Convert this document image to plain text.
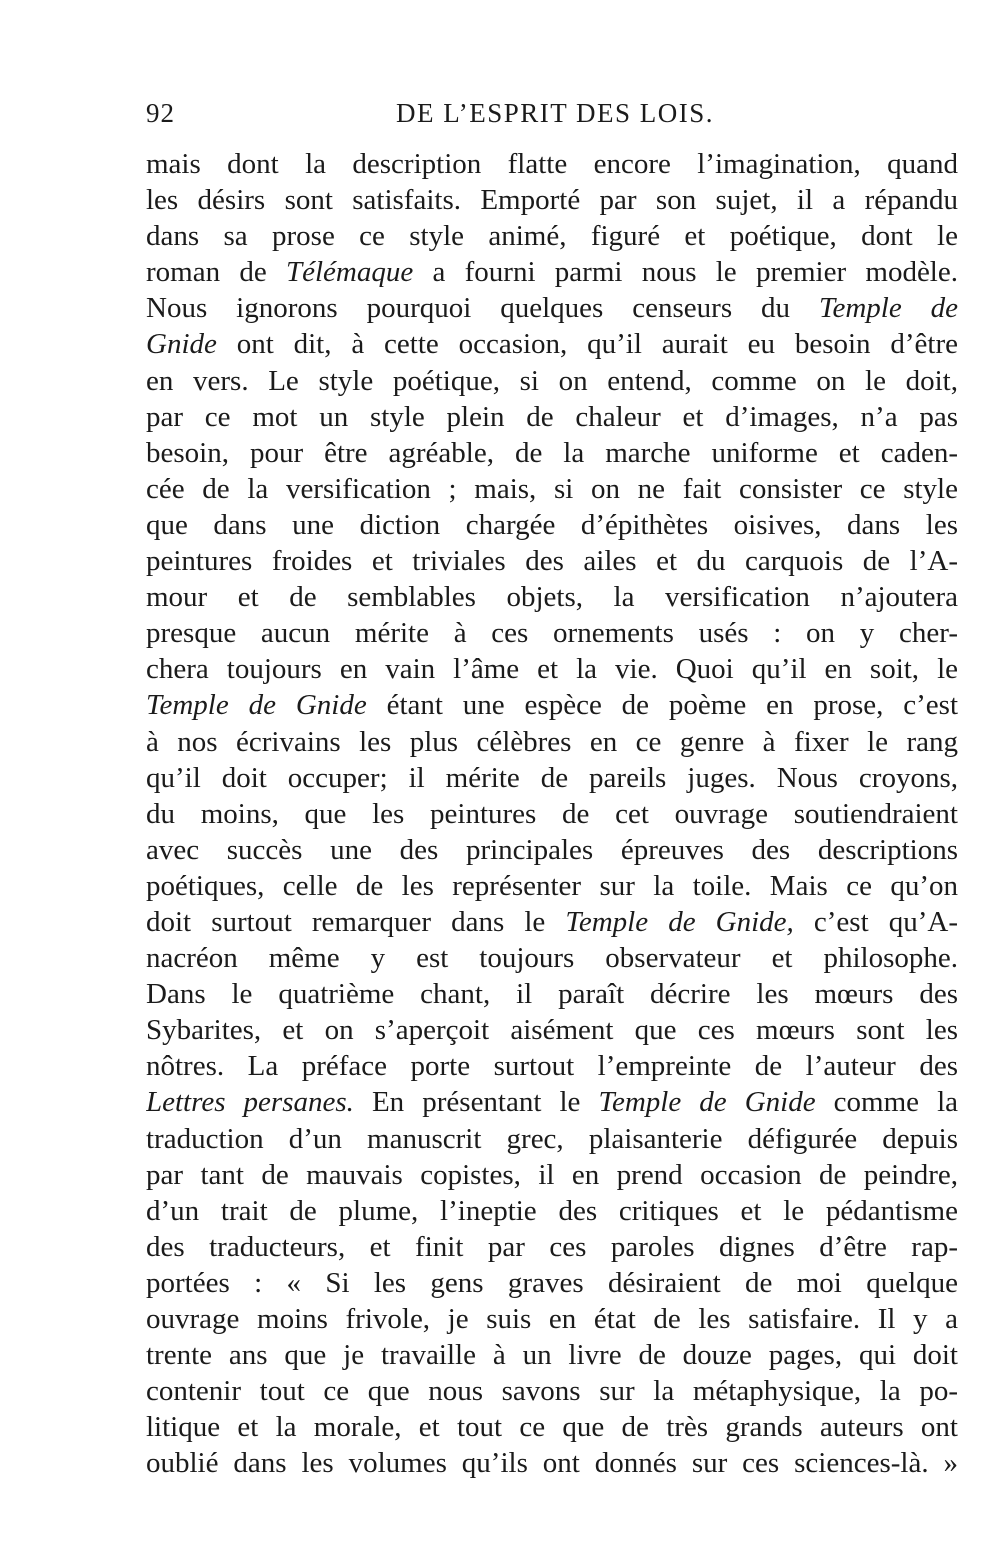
92	DE L’ESPRIT DES LOIS.
mais dont la description flatte encore l’imagination, quand
les désirs sont satisfaits. Emporté par son sujet, il a répandu
dans sa prose ce style animé, figuré et poétique, dont le
roman de Télémaque a fourni parmi nous le premier modèle.
Nous ignorons pourquoi quelques censeurs du Temple de
Gnide ont dit, à cette occasion, qu’il aurait eu besoin d’être
en vers. Le style poétique, si on entend, comme on le doit,
par ce mot un style plein de chaleur et d’images, n’a pas
besoin, pour être agréable, de la marche uniforme et caden-
cée de la versification ; mais, si on ne fait consister ce style
que dans une diction chargée d’épithètes oisives, dans les
peintures froides et triviales des ailes et du carquois de l’A-
mour et de semblables objets, la versification n’ajoutera
presque aucun mérite à ces ornements usés : on y cher-
chera toujours en vain l’âme et la vie. Quoi qu’il en soit, le
Temple de Gnide étant une espèce de poème en prose, c’est
à nos écrivains les plus célèbres en ce genre à fixer le rang
qu’il doit occuper; il mérite de pareils juges. Nous croyons,
du moins, que les peintures de cet ouvrage soutiendraient
avec succès une des principales épreuves des descriptions
poétiques, celle de les représenter sur la toile. Mais ce qu’on
doit surtout remarquer dans le Temple de Gnide, c’est qu’A-
nacréon même y est toujours observateur et philosophe.
Dans le quatrième chant, il paraît décrire les mœurs des
Sybarites, et on s’aperçoit aisément que ces mœurs sont les
nôtres. La préface porte surtout l’empreinte de l’auteur des
Lettres persanes. En présentant le Temple de Gnide comme la
traduction d’un manuscrit grec, plaisanterie défigurée depuis
par tant de mauvais copistes, il en prend occasion de peindre,
d’un trait de plume, l’ineptie des critiques et le pédantisme
des traducteurs, et finit par ces paroles dignes d’être rap-
portées : « Si les gens graves désiraient de moi quelque
ouvrage moins frivole, je suis en état de les satisfaire. Il y a
trente ans que je travaille à un livre de douze pages, qui doit
contenir tout ce que nous savons sur la métaphysique, la po-
litique et la morale, et tout ce que de très grands auteurs ont
oublié dans les volumes qu’ils ont donnés sur ces sciences-là. »
